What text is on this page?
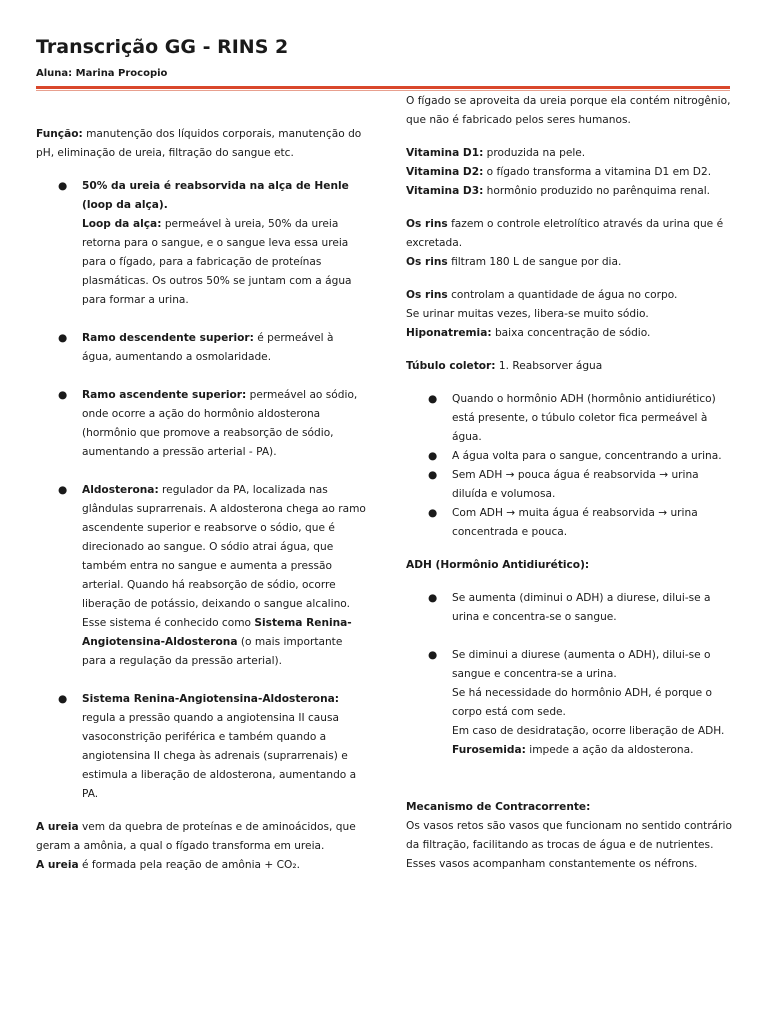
Transcrição GG - RINS 2
Aluna: Marina Procopio

Função: manutenção dos líquidos corporais, manutenção do pH, eliminação de ureia, filtração do sangue etc.

● 50% da ureia é reabsorvida na alça de Henle (loop da alça).

Loop da alça: permeável à ureia, 50% da ureia retorna para o sangue, e o sangue leva essa ureia para o fígado, para a fabricação de proteínas plasmáticas. Os outros 50% se juntam com a água para formar a urina.

● Ramo descendente superior: é permeável à água, aumentando a osmolaridade.

● Ramo ascendente superior: permeável ao sódio, onde ocorre a ação do hormônio aldosterona (hormônio que promove a reabsorção de sódio, aumentando a pressão arterial - PA).

● Aldosterona: regulador da PA, localizada nas glândulas suprarrenais. A aldosterona chega ao ramo ascendente superior e reabsorve o sódio, que é direcionado ao sangue. O sódio atrai água, que também entra no sangue e aumenta a pressão arterial. Quando há reabsorção de sódio, ocorre liberação de potássio, deixando o sangue alcalino. Esse sistema é conhecido como Sistema Renina-Angiotensina-Aldosterona (o mais importante para a regulação da pressão arterial).

● Sistema Renina-Angiotensina-Aldosterona: regula a pressão quando a angiotensina II causa vasoconstrição periférica e também quando a angiotensina II chega às adrenais (suprarrenais) e estimula a liberação de aldosterona, aumentando a PA.

A ureia vem da quebra de proteínas e de aminoácidos, que geram a amônia, a qual o fígado transforma em ureia.

A ureia é formada pela reação de amônia + CO₂.

O fígado se aproveita da ureia porque ela contém nitrogênio, que não é fabricado pelos seres humanos.

Vitamina D1: produzida na pele.

Vitamina D2: o fígado transforma a vitamina D1 em D2.

Vitamina D3: hormônio produzido no parênquima renal.

Os rins fazem o controle eletrolítico através da urina que é excretada.

Os rins filtram 180 L de sangue por dia.

Os rins controlam a quantidade de água no corpo.

Se urinar muitas vezes, libera-se muito sódio.

Hiponatremia: baixa concentração de sódio.

Túbulo coletor: 1. Reabsorver água

● Quando o hormônio ADH (hormônio antidiurético) está presente, o túbulo coletor fica permeável à água.

● A água volta para o sangue, concentrando a urina.

● Sem ADH → pouca água é reabsorvida → urina diluída e volumosa.

● Com ADH → muita água é reabsorvida → urina concentrada e pouca.

ADH (Hormônio Antidiurético):

● Se aumenta (diminui o ADH) a diurese, dilui-se a urina e concentra-se o sangue.

● Se diminui a diurese (aumenta o ADH), dilui-se o sangue e concentra-se a urina.

Se há necessidade do hormônio ADH, é porque o corpo está com sede.

Em caso de desidratação, ocorre liberação de ADH.

Furosemida: impede a ação da aldosterona.

Mecanismo de Contracorrente:

Os vasos retos são vasos que funcionam no sentido contrário da filtração, facilitando as trocas de água e de nutrientes. Esses vasos acompanham constantemente os néfrons.
